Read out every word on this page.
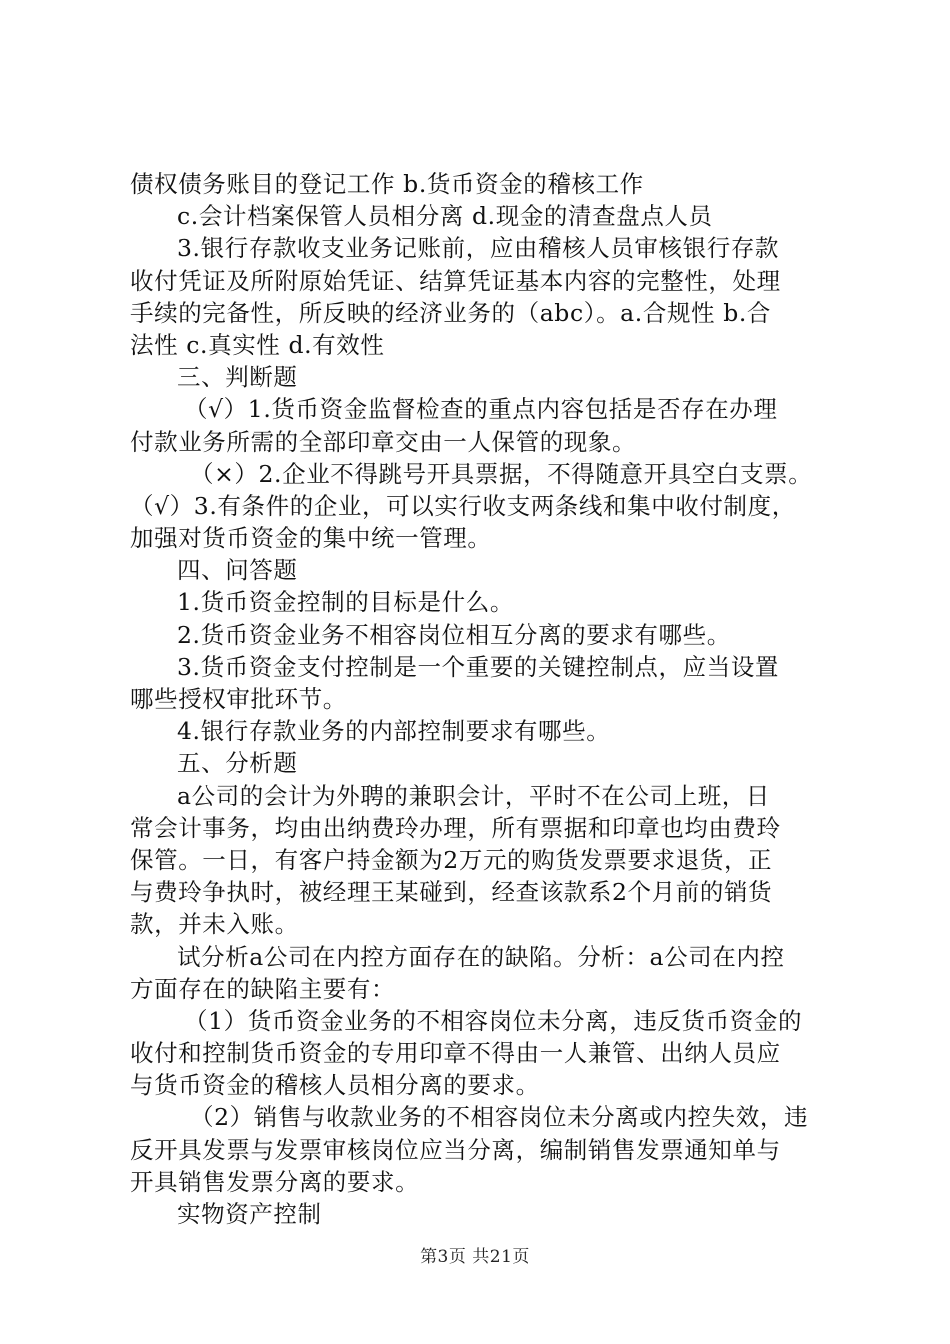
债权债务账目的登记工作 b.货币资金的稽核工作
c.会计档案保管人员相分离 d.现金的清查盘点人员
3.银行存款收支业务记账前，应由稽核人员审核银行存款
收付凭证及所附原始凭证、结算凭证基本内容的完整性，处理
手续的完备性，所反映的经济业务的（abc）。a.合规性 b.合
法性 c.真实性 d.有效性
三、判断题
（√）1.货币资金监督检查的重点内容包括是否存在办理
付款业务所需的全部印章交由一人保管的现象。
（×）2.企业不得跳号开具票据，不得随意开具空白支票。
（√）3.有条件的企业，可以实行收支两条线和集中收付制度，
加强对货币资金的集中统一管理。
四、问答题
1.货币资金控制的目标是什么。
2.货币资金业务不相容岗位相互分离的要求有哪些。
3.货币资金支付控制是一个重要的关键控制点，应当设置
哪些授权审批环节。
4.银行存款业务的内部控制要求有哪些。
五、分析题
a公司的会计为外聘的兼职会计，平时不在公司上班，日
常会计事务，均由出纳费玲办理，所有票据和印章也均由费玲
保管。一日，有客户持金额为2万元的购货发票要求退货，正
与费玲争执时，被经理王某碰到，经查该款系2个月前的销货
款，并未入账。
试分析a公司在内控方面存在的缺陷。分析：a公司在内控
方面存在的缺陷主要有：
（1）货币资金业务的不相容岗位未分离，违反货币资金的
收付和控制货币资金的专用印章不得由一人兼管、出纳人员应
与货币资金的稽核人员相分离的要求。
（2）销售与收款业务的不相容岗位未分离或内控失效，违
反开具发票与发票审核岗位应当分离，编制销售发票通知单与
开具销售发票分离的要求。
实物资产控制
第3页 共21页
